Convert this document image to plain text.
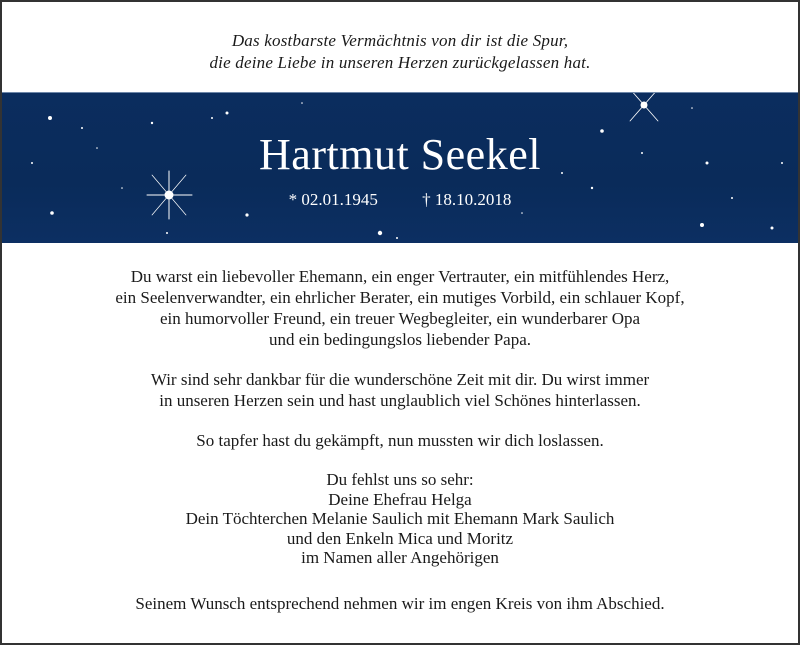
Das kostbarste Vermächtnis von dir ist die Spur,
die deine Liebe in unseren Herzen zurückgelassen hat.
Hartmut Seekel
* 02.01.1945	† 18.10.2018

Du warst ein liebevoller Ehemann, ein enger Vertrauter, ein mitfühlendes Herz,
ein Seelenverwandter, ein ehrlicher Berater, ein mutiges Vorbild, ein schlauer Kopf,
ein humorvoller Freund, ein treuer Wegbegleiter, ein wunderbarer Opa
und ein bedingungslos liebender Papa.

Wir sind sehr dankbar für die wunderschöne Zeit mit dir. Du wirst immer
in unseren Herzen sein und hast unglaublich viel Schönes hinterlassen.

So tapfer hast du gekämpft, nun mussten wir dich loslassen.

Du fehlst uns so sehr:
Deine Ehefrau Helga
Dein Töchterchen Melanie Saulich mit Ehemann Mark Saulich
und den Enkeln Mica und Moritz
im Namen aller Angehörigen
Seinem Wunsch entsprechend nehmen wir im engen Kreis von ihm Abschied.
